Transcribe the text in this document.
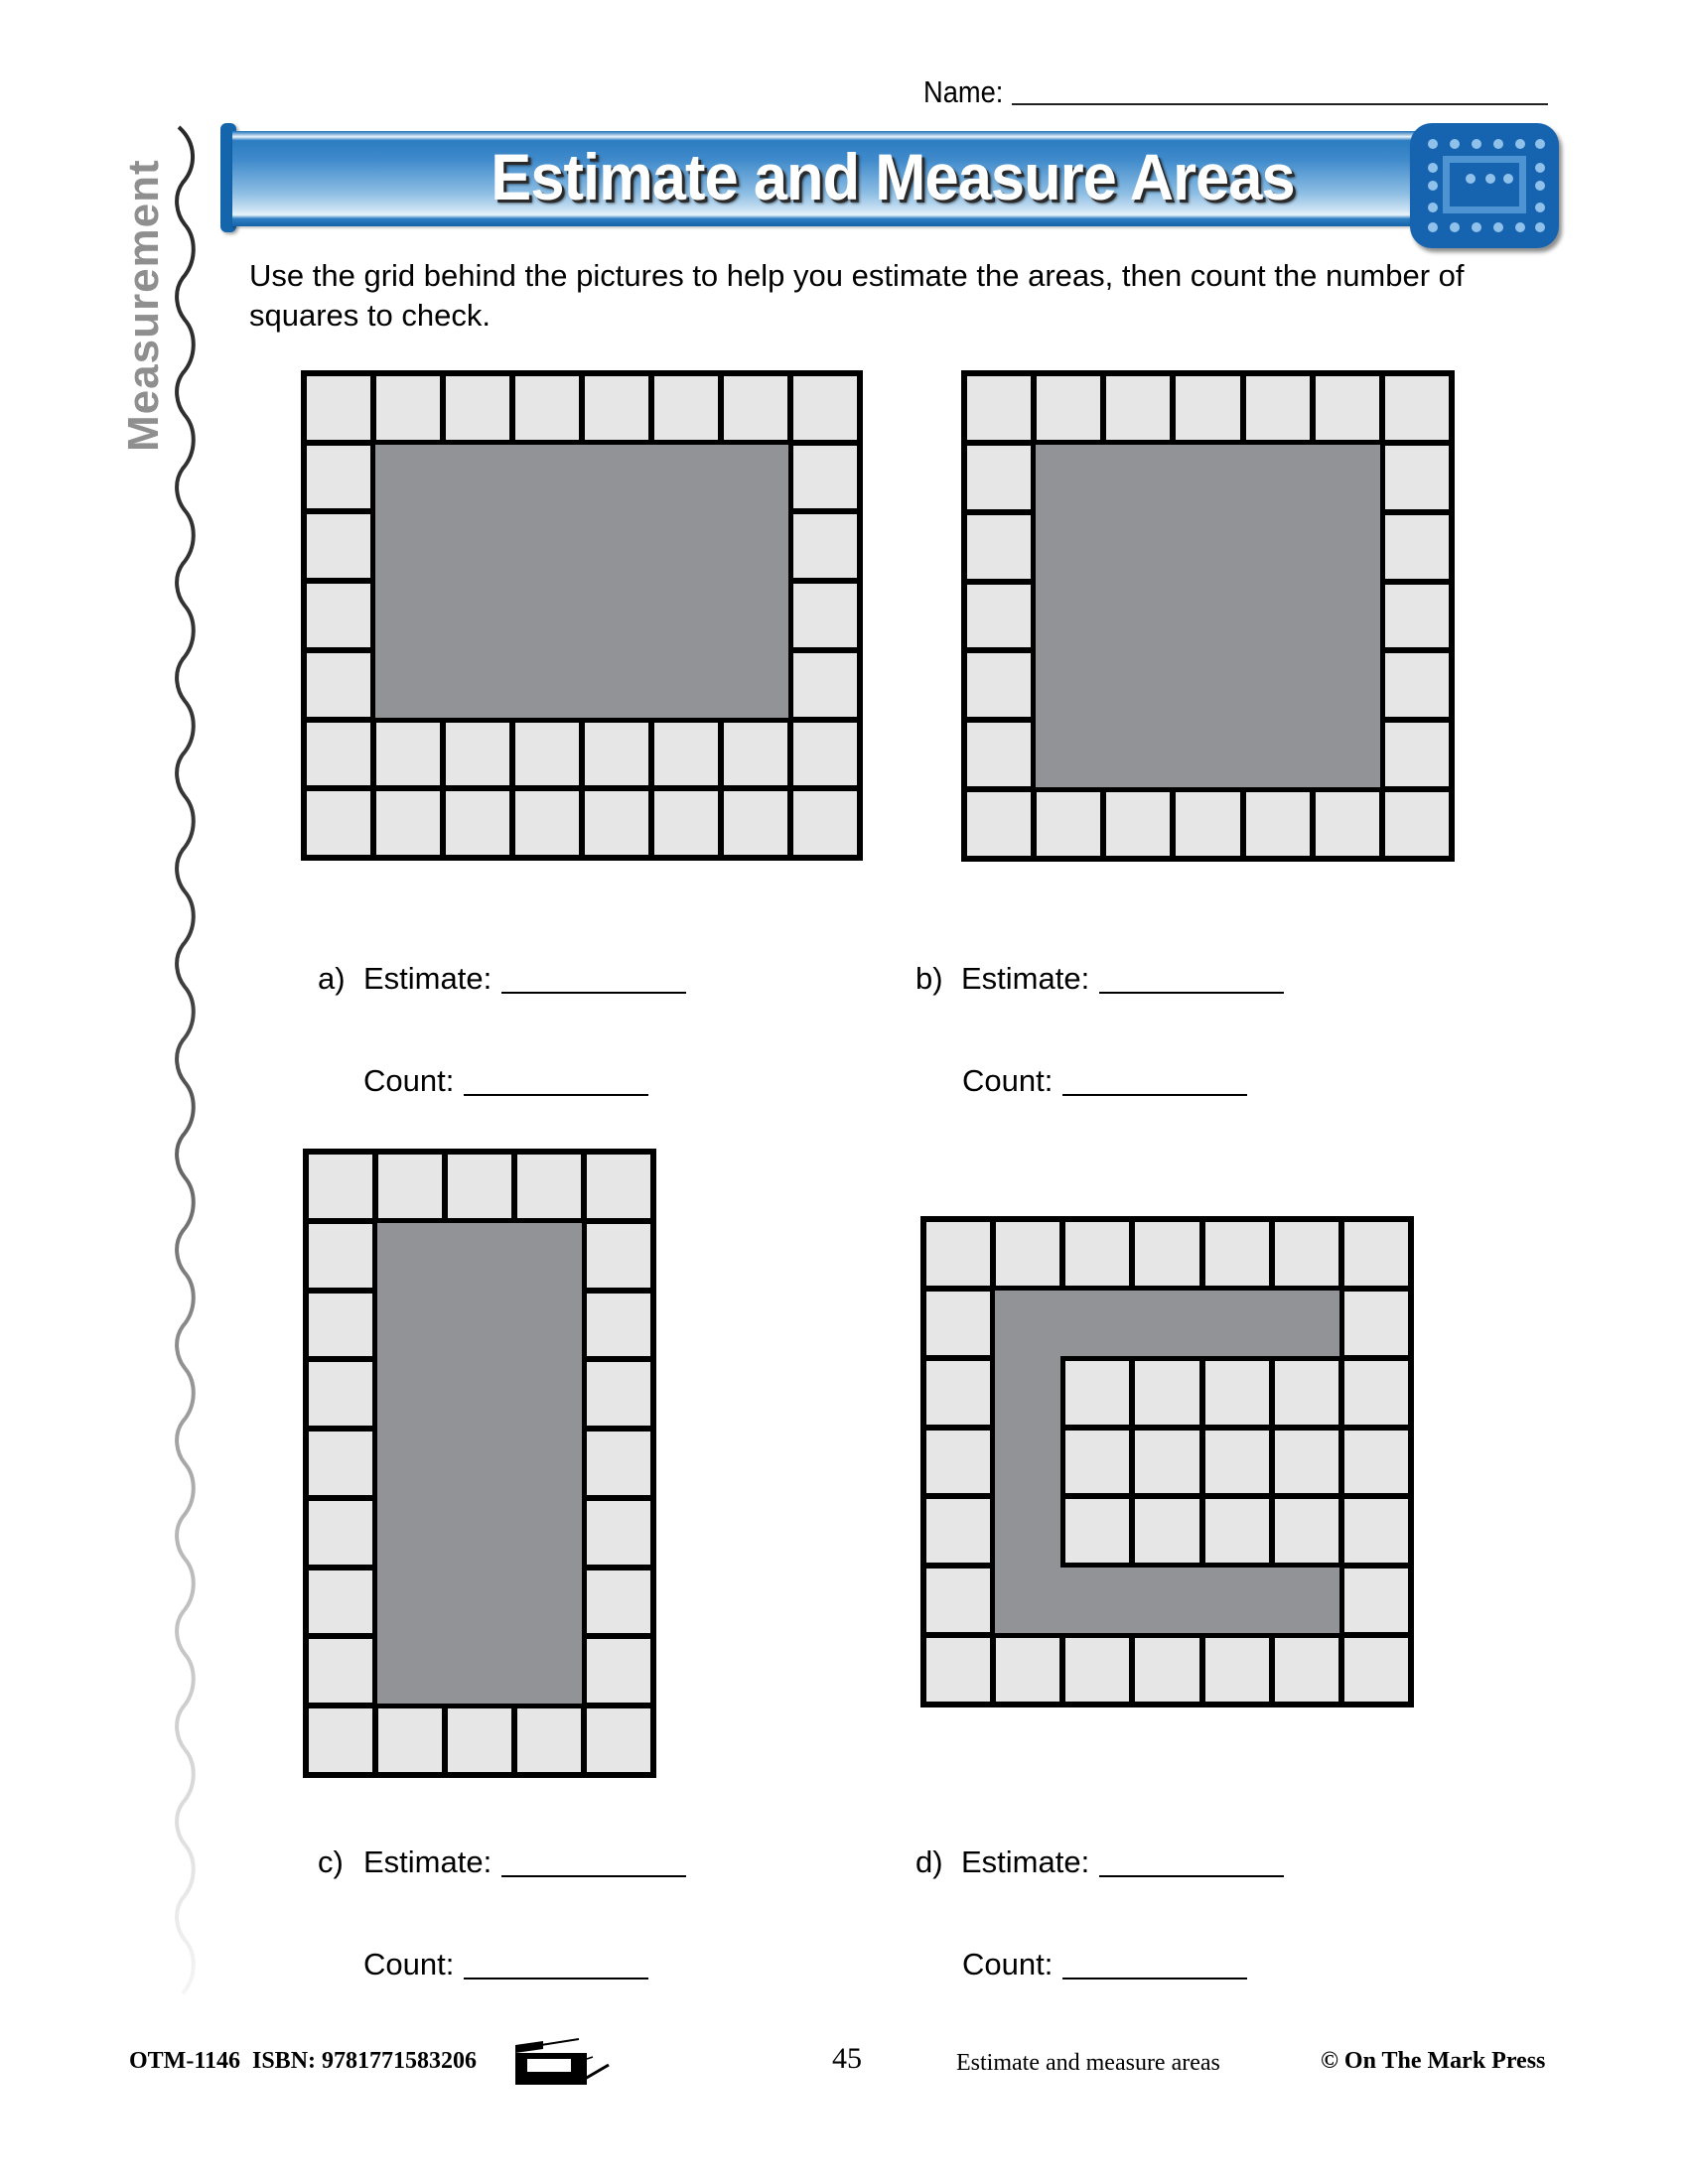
Name:
Measurement	Estimate and Measure Areas
Use the grid behind the pictures to help you estimate the areas, then count the number of squares to check.
a) Estimate:
Count:
b) Estimate:
Count:
c) Estimate:
Count:
d) Estimate:
Count:
OTM-1146  ISBN: 9781771583206	45	Estimate and measure areas	© On The Mark Press
